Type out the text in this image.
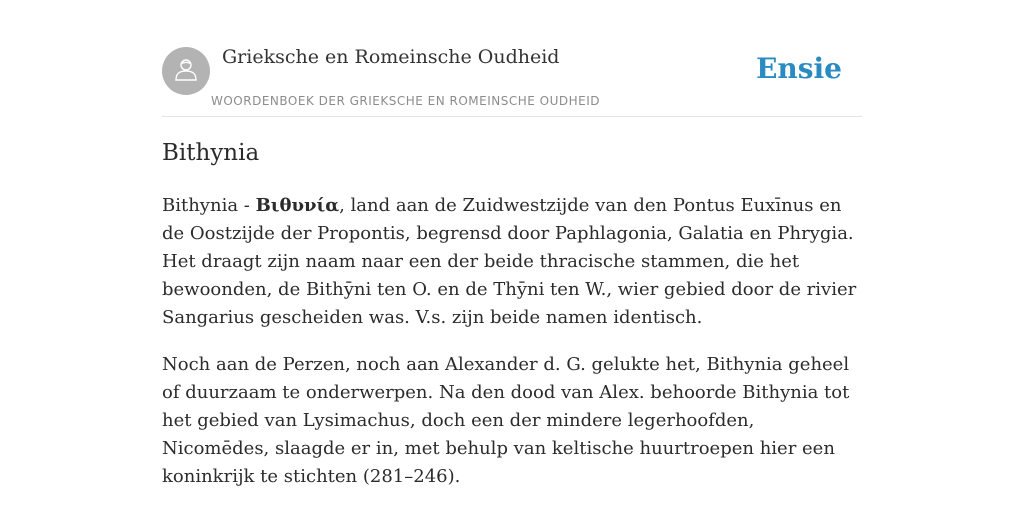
Grieksche en Romeinsche Oudheid
WOORDENBOEK DER GRIEKSCHE EN ROMEINSCHE OUDHEID
Ensie
Bithynia

Bithynia - Βιθυνία, land aan de Zuidwestzijde van den Pontus Euxīnus en de Oostzijde der Propontis, begrensd door Paphlagonia, Galatia en Phrygia. Het draagt zijn naam naar een der beide thracische stammen, die het bewoonden, de Bithȳni ten O. en de Thȳni ten W., wier gebied door de rivier Sangarius gescheiden was. V.s. zijn beide namen identisch.

Noch aan de Perzen, noch aan Alexander d. G. gelukte het, Bithynia geheel of duurzaam te onderwerpen. Na den dood van Alex. behoorde Bithynia tot het gebied van Lysimachus, doch een der mindere legerhoofden, Nicomēdes, slaagde er in, met behulp van keltische huurtroepen hier een koninkrijk te stichten (281–246).
